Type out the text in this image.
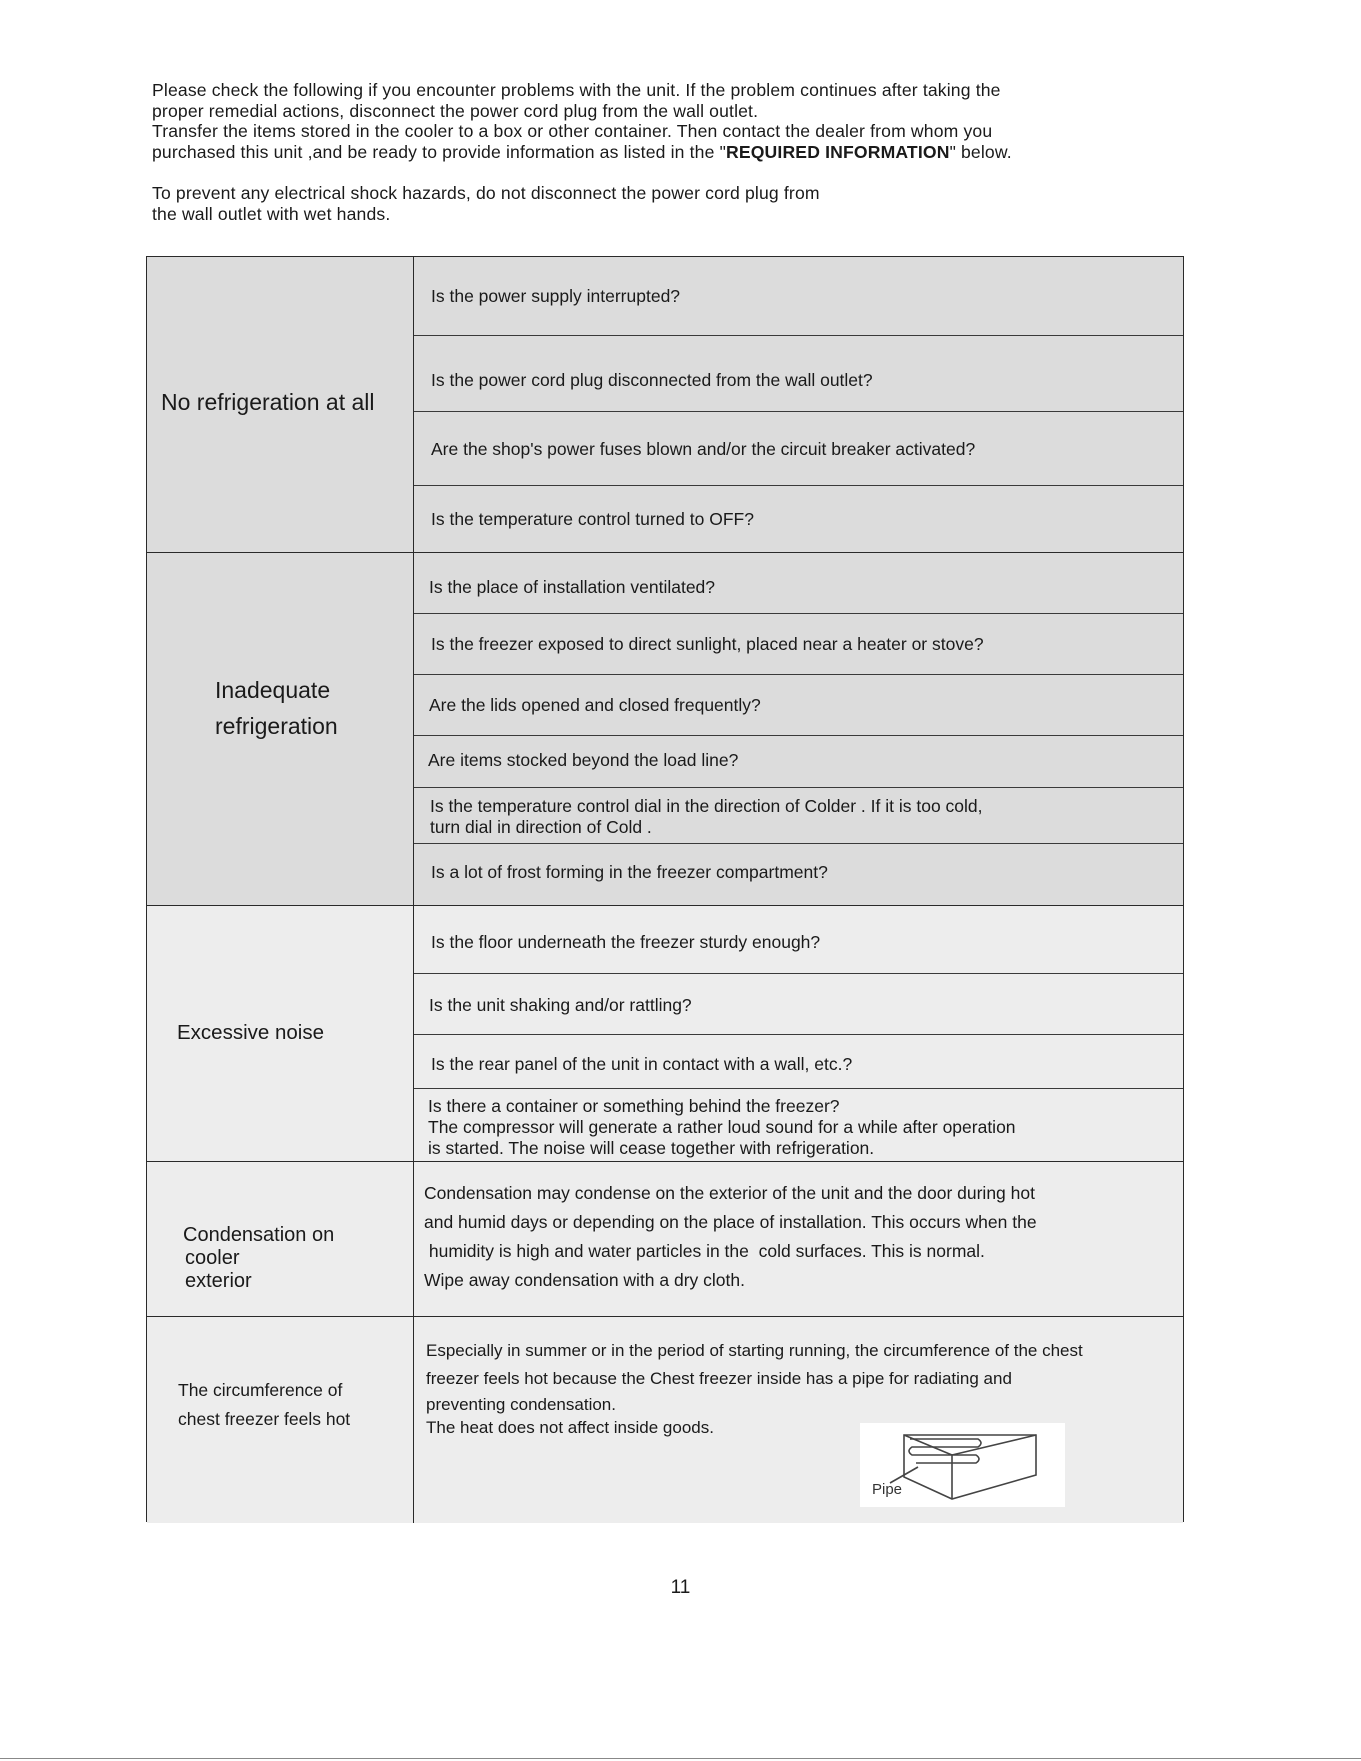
Please check the following if you encounter problems with the unit. If the problem continues after taking the

proper remedial actions, disconnect the power cord plug from the wall outlet.

Transfer the items stored in the cooler to a box or other container. Then contact the dealer from whom you

purchased this unit ,and be ready to provide information as listed in the "REQUIRED INFORMATION" below.

To prevent any electrical shock hazards, do not disconnect the power cord plug from

the wall outlet with wet hands.

No refrigeration at all
Is the power supply interrupted?
Is the power cord plug disconnected from the wall outlet?
Are the shop's power fuses blown and/or the circuit breaker activated?
Is the temperature control turned to OFF?
Inadequate
refrigeration
Is the place of installation ventilated?
Is the freezer exposed to direct sunlight, placed near a heater or stove?
Are the lids opened and closed frequently?
Are items stocked beyond the load line?
Is the temperature control dial in the direction of Colder . If it is too cold,
turn dial in direction of Cold .
Is a lot of frost forming in the freezer compartment?
Excessive noise
Is the floor underneath the freezer sturdy enough?
Is the unit shaking and/or rattling?
Is the rear panel of the unit in contact with a wall, etc.?
Is there a container or something behind the freezer?
The compressor will generate a rather loud sound for a while after operation
is started. The noise will cease together with refrigeration.
Condensation on
cooler
exterior
Condensation may condense on the exterior of the unit and the door during hot
and humid days or depending on the place of installation. This occurs when the
humidity is high and water particles in the  cold surfaces. This is normal.
Wipe away condensation with a dry cloth.
The circumference of
chest freezer feels hot
Especially in summer or in the period of starting running, the circumference of the chest
freezer feels hot because the Chest freezer inside has a pipe for radiating and
preventing condensation.
The heat does not affect inside goods.
Pipe
11
